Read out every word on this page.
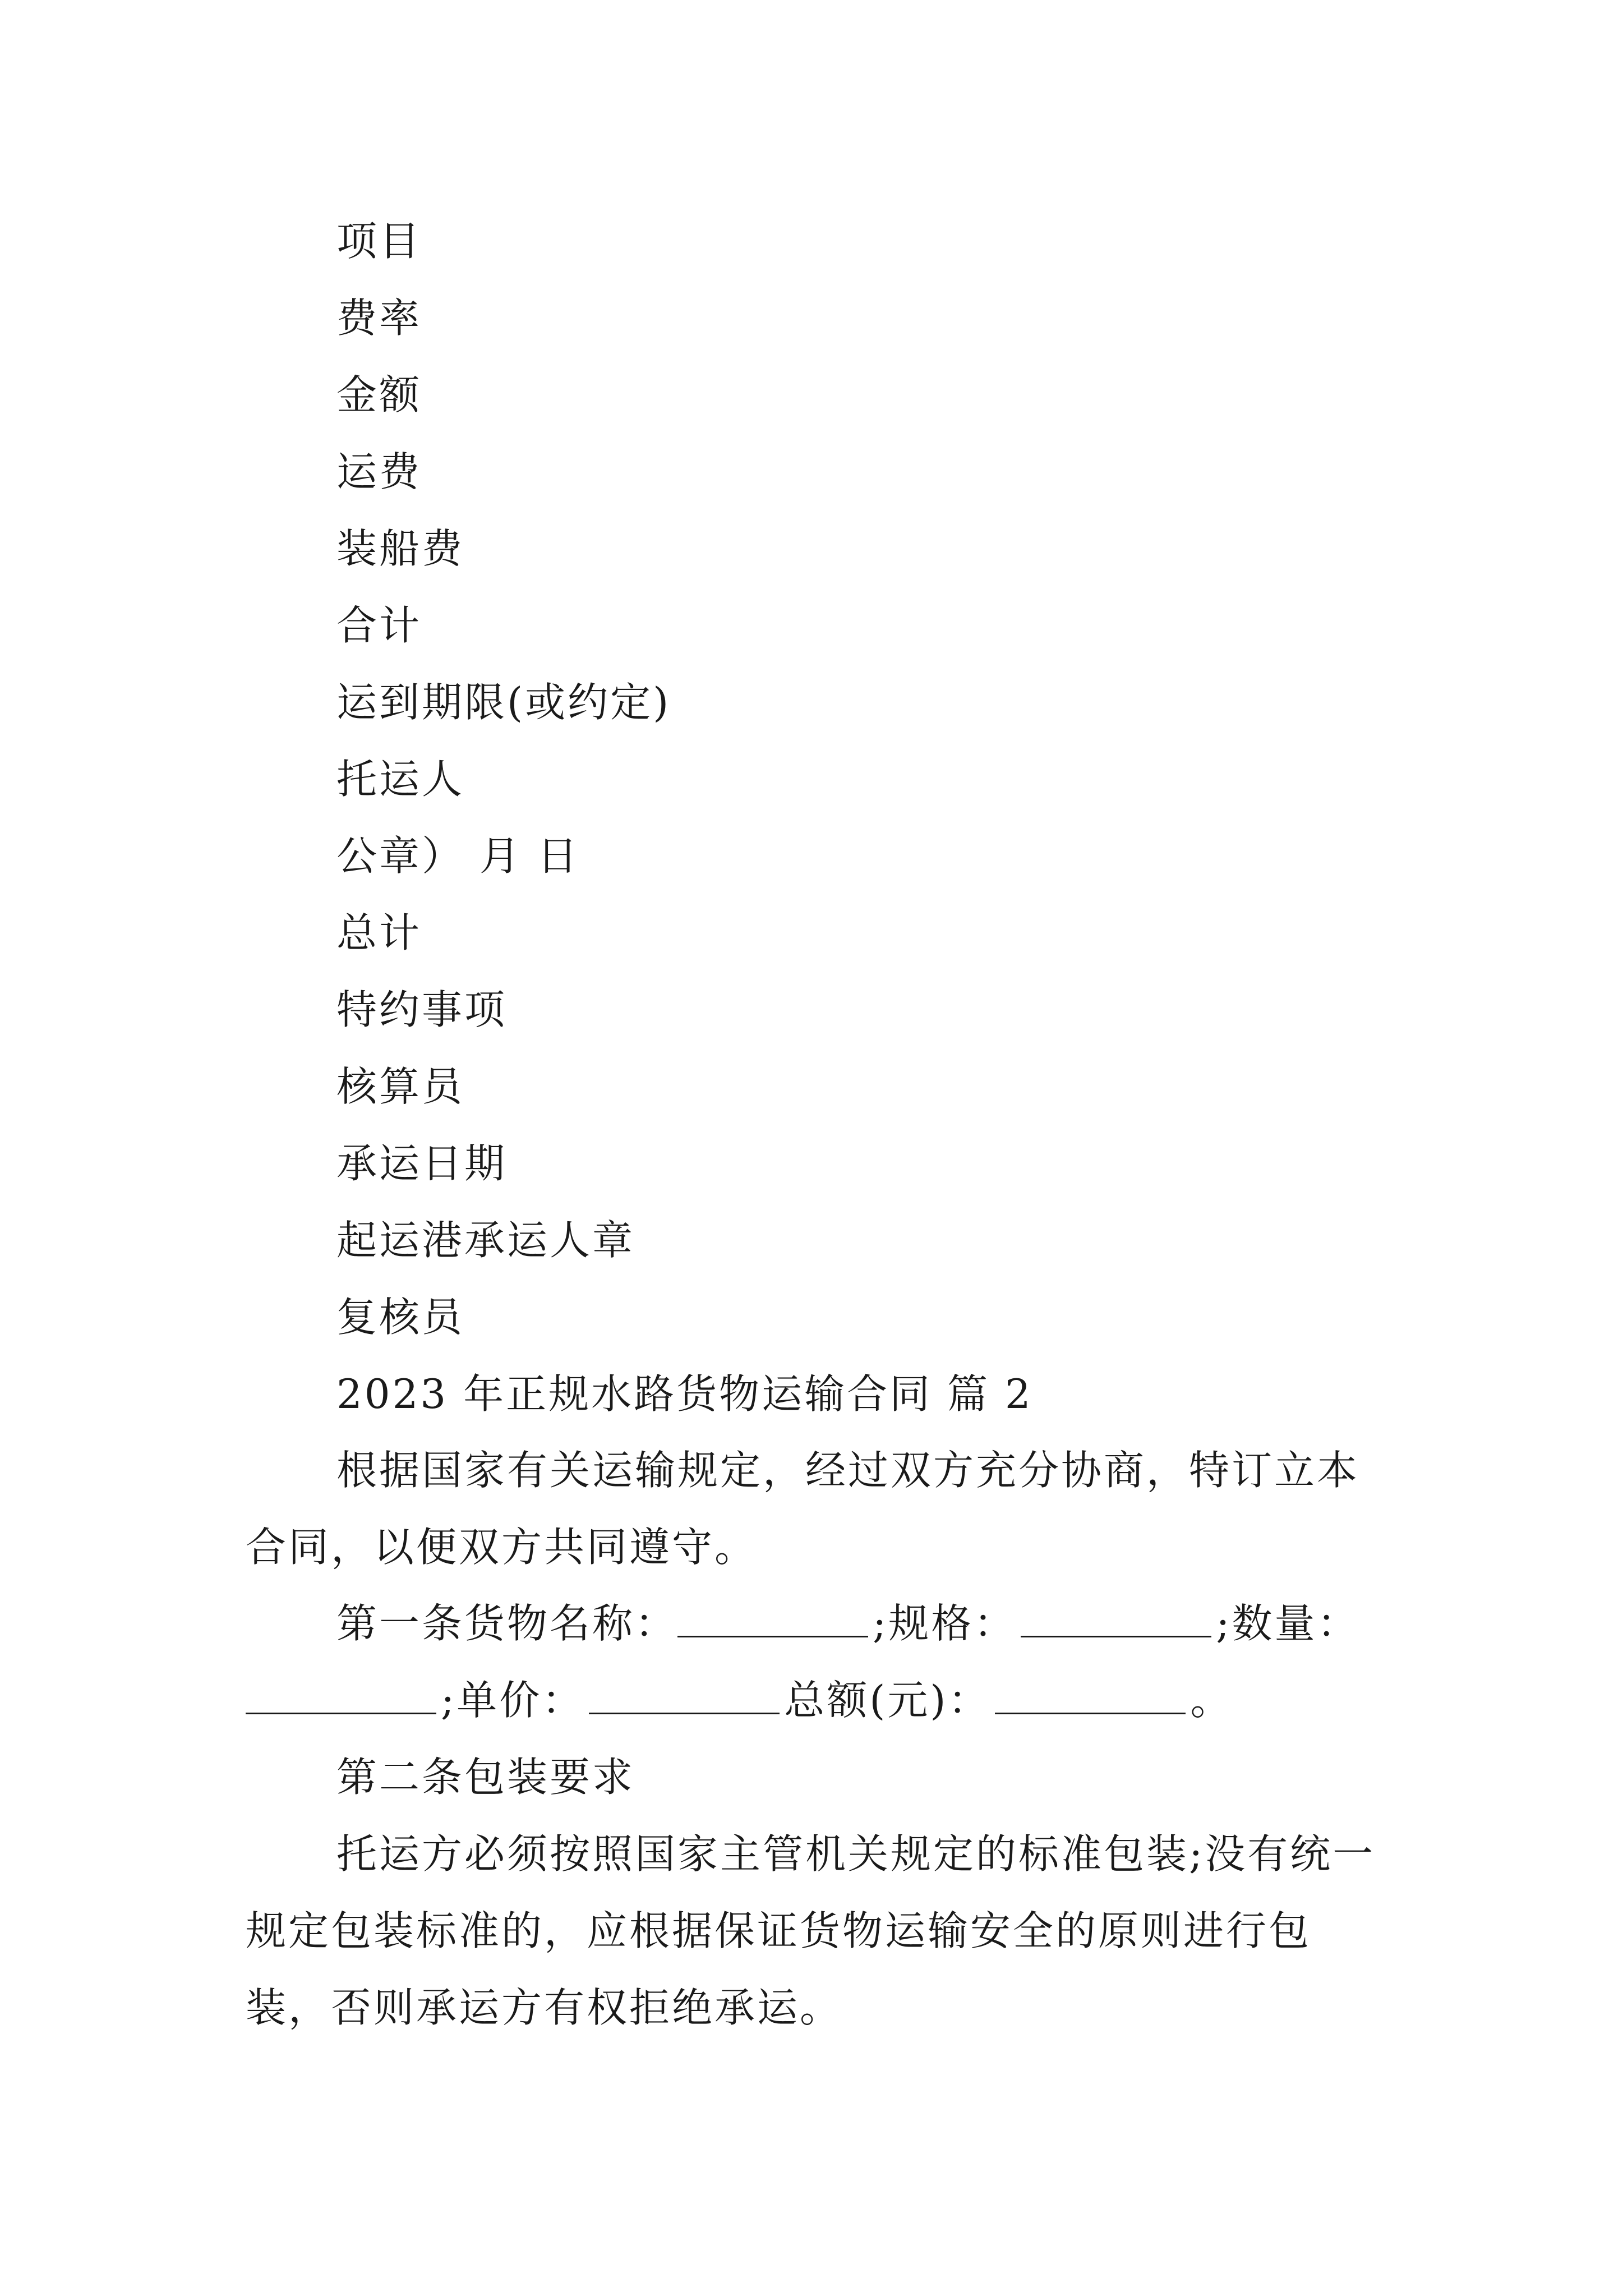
项目
费率
金额
运费
装船费
合计
运到期限(或约定)
托运人
公章） 月 日
总计
特约事项
核算员
承运日期
起运港承运人章
复核员
2023 年正规水路货物运输合同 篇 2
根据国家有关运输规定，经过双方充分协商，特订立本合同，以便双方共同遵守。
第一条货物名称：	;规格：	;数量：
;单价：	总额(元)：	。
第二条包装要求
托运方必须按照国家主管机关规定的标准包装;没有统一规定包装标准的，应根据保证货物运输安全的原则进行包装，否则承运方有权拒绝承运。
